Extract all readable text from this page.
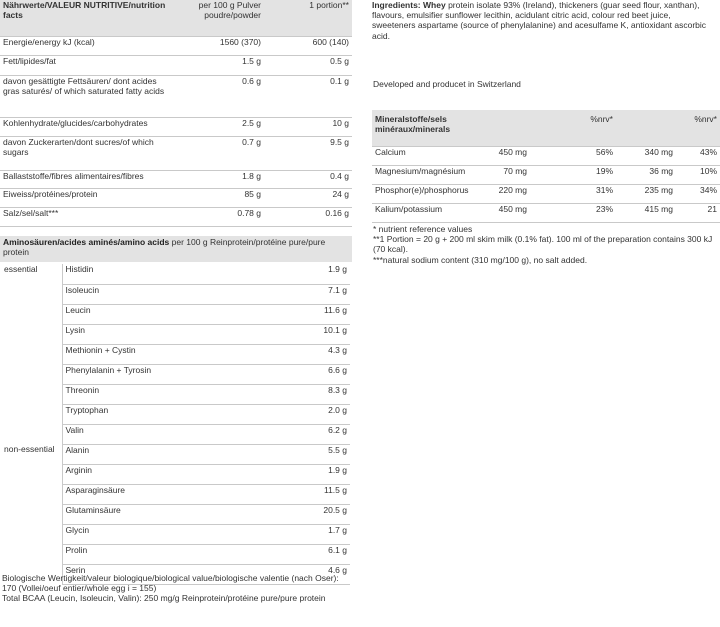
Nährwerte/VALEUR NUTRITIVE/nutrition facts	per 100 g Pulver poudre/powder	1 portion**
Energie/energy kJ (kcal)	1560 (370)	600 (140)
Fett/lipides/fat	1.5 g	0.5 g
davon gesättigte Fettsäuren/ dont acides gras saturés/ of which saturated fatty acids	0.6 g	0.1 g
Kohlenhydrate/glucides/carbohydrates	2.5 g	10 g
davon Zuckerarten/dont sucres/of which sugars	0.7 g	9.5 g
Ballaststoffe/fibres alimentaires/fibres	1.8 g	0.4 g
Eiweiss/protéines/protein	85 g	24 g
Salz/sel/salt***	0.78 g	0.16 g
Aminosäuren/acides aminés/amino acids per 100 g Reinprotein/protéine pure/pure protein
essential	Histidin	1.9 g
	Isoleucin	7.1 g
	Leucin	11.6 g
	Lysin	10.1 g
	Methionin + Cystin	4.3 g
	Phenylalanin + Tyrosin	6.6 g
	Threonin	8.3 g
	Tryptophan	2.0 g
	Valin	6.2 g
non-essential	Alanin	5.5 g
	Arginin	1.9 g
	Asparaginsäure	11.5 g
	Glutaminsäure	20.5 g
	Glycin	1.7 g
	Prolin	6.1 g
	Serin	4.6 g

Biologische Wertigkeit/valeur biologique/biological value/biologische valentie (nach Oser): 170 (Vollei/oeuf entier/whole egg i = 155)

Total BCAA (Leucin, Isoleucin, Valin): 250 mg/g Reinprotein/protéine pure/pure protein

Ingredients: Whey protein isolate 93% (Ireland), thickeners (guar seed flour, xanthan), flavours, emulsifier sunflower lecithin, acidulant citric acid, colour red beet juice, sweeteners aspartame (source of phenylalanine) and acesulfame K, antioxidant ascorbic acid.

Developed and producet in Switzerland
Mineralstoffe/sels minéraux/minerals		%nrv*		%nrv*
Calcium	450 mg	56%	340 mg	43%
Magnesium/magnésium	70 mg	19%	36 mg	10%
Phosphor(e)/phosphorus	220 mg	31%	235 mg	34%
Kalium/potassium	450 mg	23%	415 mg	21

* nutrient reference values

**1 Portion = 20 g + 200 ml skim milk (0.1% fat). 100 ml of the preparation contains 300 kJ (70 kcal).

***natural sodium content (310 mg/100 g), no salt added.
